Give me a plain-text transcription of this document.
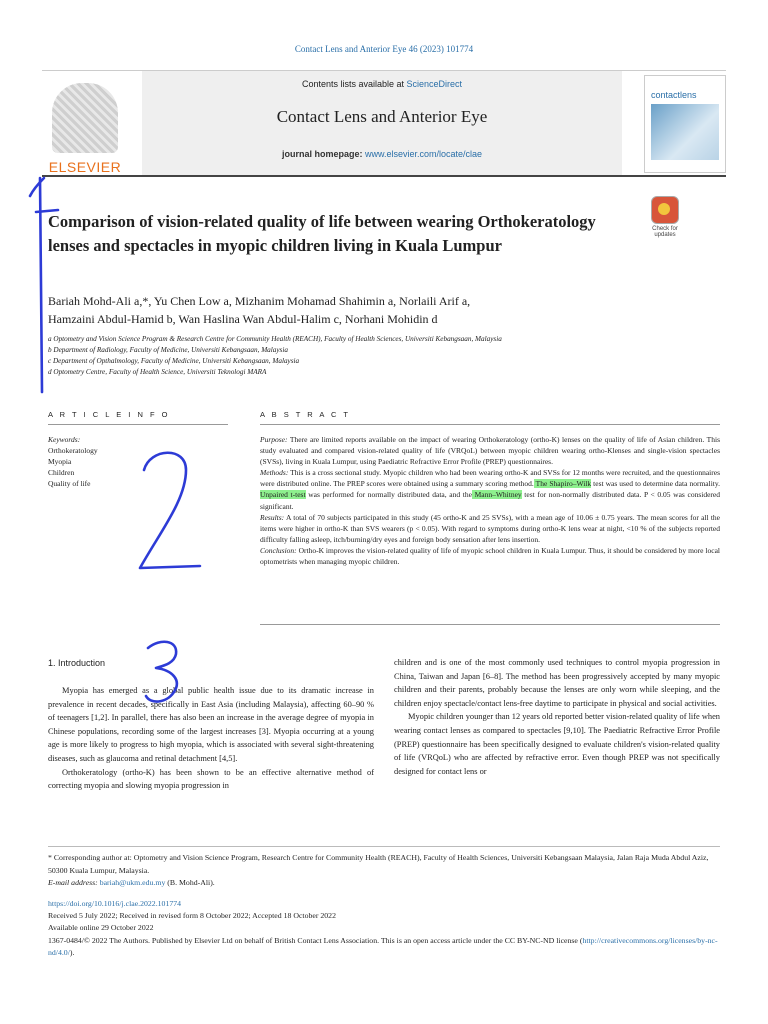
Contact Lens and Anterior Eye 46 (2023) 101774
ELSEVIER
Contents lists available at ScienceDirect
Contact Lens and Anterior Eye
journal homepage: www.elsevier.com/locate/clae
contactlens
Check for updates
Comparison of vision-related quality of life between wearing Orthokeratology lenses and spectacles in myopic children living in Kuala Lumpur
Bariah Mohd-Ali a,*, Yu Chen Low a, Mizhanim Mohamad Shahimin a, Norlaili Arif a,
Hamzaini Abdul-Hamid b, Wan Haslina Wan Abdul-Halim c, Norhani Mohidin d
a Optometry and Vision Science Program & Research Centre for Community Health (REACH), Faculty of Health Sciences, Universiti Kebangsaan, Malaysia
b Department of Radiology, Faculty of Medicine, Universiti Kebangsaan, Malaysia
c Department of Opthalmology, Faculty of Medicine, Universiti Kebangsaan, Malaysia
d Optometry Centre, Faculty of Health Science, Universiti Teknologi MARA
A R T I C L E I N F O	A B S T R A C T
Keywords:
Orthokeratology
Myopia
Children
Quality of life

Purpose: There are limited reports available on the impact of wearing Orthokeratology (ortho-K) lenses on the quality of life of Asian children. This study evaluated and compared vision-related quality of life (VRQoL) between myopic children wearing ortho-Klenses and single-vision spectacles (SVSs), living in Kuala Lumpur, using Paediatric Refractive Error Profile (PREP) questionnaires.

Methods: This is a cross sectional study. Myopic children who had been wearing ortho-K and SVSs for 12 months were recruited, and the questionnaires were distributed online. The PREP scores were obtained using a summary scoring method. The Shapiro–Wilk test was used to determine data normality. Unpaired t-test was performed for normally distributed data, and the Mann–Whitney test for non-normally distributed data. P < 0.05 was considered significant.

Results: A total of 70 subjects participated in this study (45 ortho-K and 25 SVSs), with a mean age of 10.06 ± 0.75 years. The mean scores for all the items were higher in ortho-K than SVS wearers (p < 0.05). With regard to symptoms during ortho-K lens wear at night, <10 % of the subjects reported difficulty falling asleep, itch/burning/dry eyes and foreign body sensation after lens insertion.

Conclusion: Ortho-K improves the vision-related quality of life of myopic school children in Kuala Lumpur. Thus, it should be considered by more local optometrists when managing myopic children.

1. Introduction

Myopia has emerged as a global public health issue due to its dramatic increase in prevalence in recent decades, specifically in East Asia (including Malaysia), affecting 60–90 % of teenagers [1,2]. In parallel, there has also been an increase in the average degree of myopia in Chinese populations, recording some of the largest increases [3]. Myopia occurring at a young age is more likely to progress to high myopia, which is associated with several sight-threatening diseases, such as glaucoma and retinal detachment [4,5].

Orthokeratology (ortho-K) has been shown to be an effective alternative method of correcting myopia and slowing myopia progression in

children and is one of the most commonly used techniques to control myopia progression in China, Taiwan and Japan [6–8]. The method has been progressively accepted by many myopic children and their parents, probably because the lenses are only worn while sleeping, and the children enjoy spectacle/contact lens-free daytime to participate in physical and social activities.

Myopic children younger than 12 years old reported better vision-related quality of life when wearing contact lenses as compared to spectacles [9,10]. The Paediatric Refractive Error Profile (PREP) questionnaire has been specifically designed to evaluate children's vision-related quality of life (VRQoL) who are affected by refractive error. Even though PREP was not specifically designed for contact lens or

* Corresponding author at: Optometry and Vision Science Program, Research Centre for Community Health (REACH), Faculty of Health Sciences, Universiti Kebangsaan Malaysia, Jalan Raja Muda Abdul Aziz, 50300 Kuala Lumpur, Malaysia.

E-mail address: bariah@ukm.edu.my (B. Mohd-Ali).

https://doi.org/10.1016/j.clae.2022.101774

Received 5 July 2022; Received in revised form 8 October 2022; Accepted 18 October 2022

Available online 29 October 2022

1367-0484/© 2022 The Authors. Published by Elsevier Ltd on behalf of British Contact Lens Association. This is an open access article under the CC BY-NC-ND license (http://creativecommons.org/licenses/by-nc-nd/4.0/).
